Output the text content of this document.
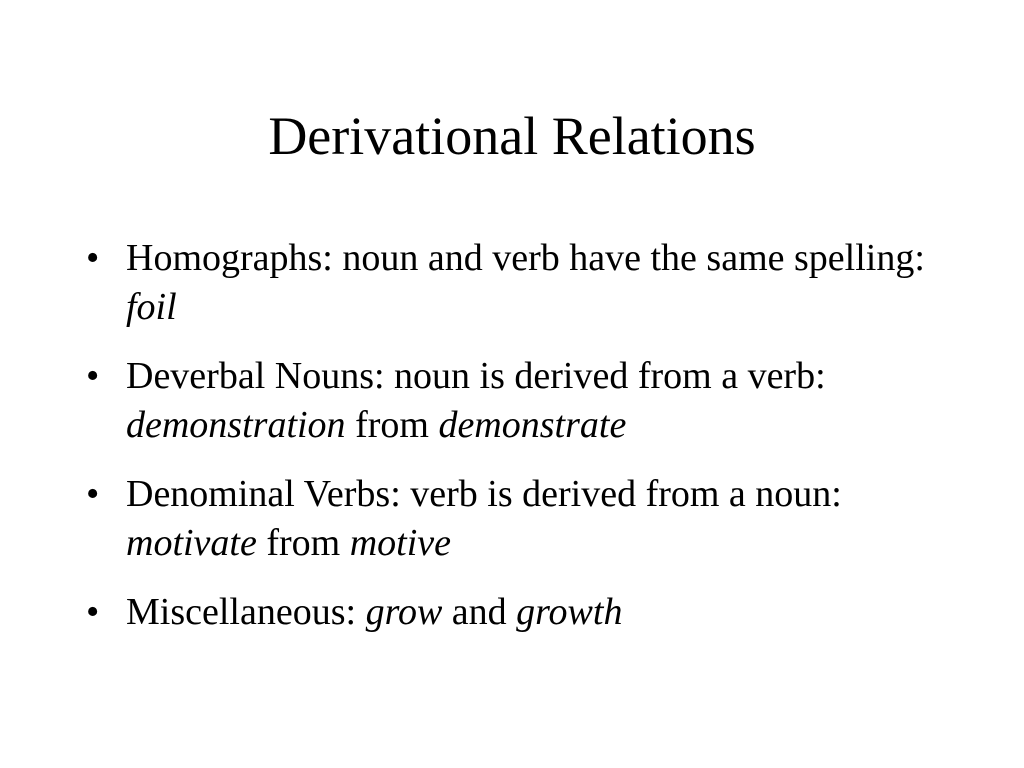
Derivational Relations
• Homographs: noun and verb have the same spelling: foil
• Deverbal Nouns: noun is derived from a verb: demonstration from demonstrate
• Denominal Verbs: verb is derived from a noun: motivate from motive
• Miscellaneous: grow and growth
